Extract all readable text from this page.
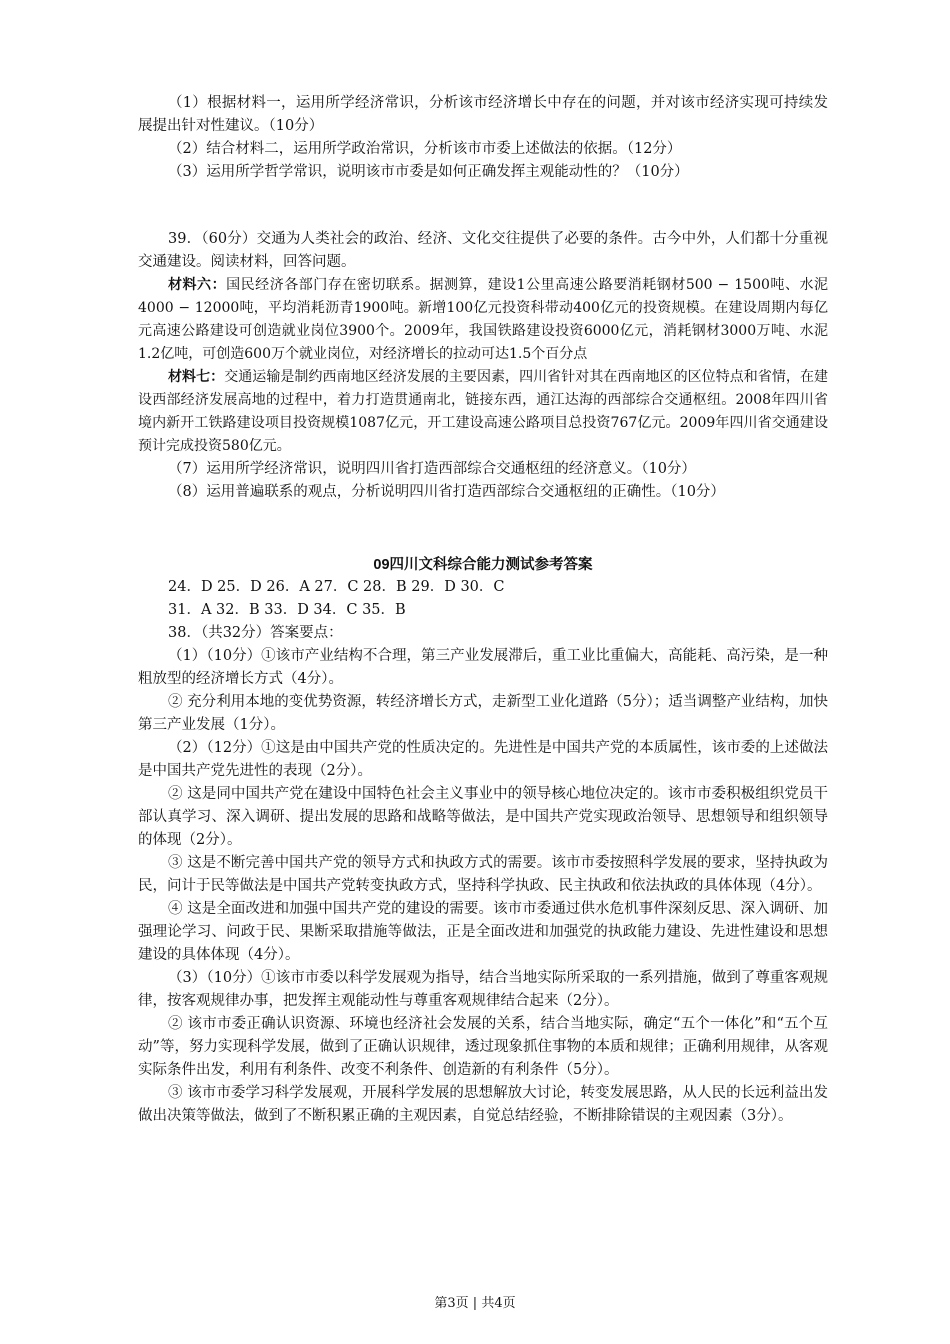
（1）根据材料一，运用所学经济常识，分析该市经济增长中存在的问题，并对该市经济实现可持续发展提出针对性建议。（10分）

（2）结合材料二，运用所学政治常识，分析该市市委上述做法的依据。（12分）

（3）运用所学哲学常识，说明该市市委是如何正确发挥主观能动性的？（10分）

39．（60分）交通为人类社会的政治、经济、文化交往提供了必要的条件。古今中外，人们都十分重视交通建设。阅读材料，回答问题。

材料六：国民经济各部门存在密切联系。据测算，建设1公里高速公路要消耗钢材500 − 1500吨、水泥4000 − 12000吨，平均消耗沥青1900吨。新增100亿元投资科带动400亿元的投资规模。在建设周期内每亿元高速公路建设可创造就业岗位3900个。2009年，我国铁路建设投资6000亿元，消耗钢材3000万吨、水泥1.2亿吨，可创造600万个就业岗位，对经济增长的拉动可达1.5个百分点

材料七：交通运输是制约西南地区经济发展的主要因素，四川省针对其在西南地区的区位特点和省情，在建设西部经济发展高地的过程中，着力打造贯通南北，链接东西，通江达海的西部综合交通枢纽。2008年四川省境内新开工铁路建设项目投资规模1087亿元，开工建设高速公路项目总投资767亿元。2009年四川省交通建设预计完成投资580亿元。

（7）运用所学经济常识，说明四川省打造西部综合交通枢纽的经济意义。（10分）

（8）运用普遍联系的观点，分析说明四川省打造西部综合交通枢纽的正确性。（10分）

09四川文科综合能力测试参考答案

24．D 25．D 26．A 27．C 28．B 29．D 30．C

31．A 32．B 33．D 34．C 35．B

38．（共32分）答案要点：

（1）（10分）①该市产业结构不合理，第三产业发展滞后，重工业比重偏大，高能耗、高污染，是一种粗放型的经济增长方式（4分）。

② 充分利用本地的变优势资源，转经济增长方式，走新型工业化道路（5分）；适当调整产业结构，加快第三产业发展（1分）。

（2）（12分）①这是由中国共产党的性质决定的。先进性是中国共产党的本质属性，该市委的上述做法是中国共产党先进性的表现（2分）。

② 这是同中国共产党在建设中国特色社会主义事业中的领导核心地位决定的。该市市委积极组织党员干部认真学习、深入调研、提出发展的思路和战略等做法，是中国共产党实现政治领导、思想领导和组织领导的体现（2分）。

③ 这是不断完善中国共产党的领导方式和执政方式的需要。该市市委按照科学发展的要求，坚持执政为民，问计于民等做法是中国共产党转变执政方式，坚持科学执政、民主执政和依法执政的具体体现（4分）。

④ 这是全面改进和加强中国共产党的建设的需要。该市市委通过供水危机事件深刻反思、深入调研、加强理论学习、问政于民、果断采取措施等做法，正是全面改进和加强党的执政能力建设、先进性建设和思想建设的具体体现（4分）。

（3）（10分）①该市市委以科学发展观为指导，结合当地实际所采取的一系列措施，做到了尊重客观规律，按客观规律办事，把发挥主观能动性与尊重客观规律结合起来（2分）。

② 该市市委正确认识资源、环境也经济社会发展的关系，结合当地实际，确定“五个一体化”和“五个互动”等，努力实现科学发展，做到了正确认识规律，透过现象抓住事物的本质和规律；正确利用规律，从客观实际条件出发，利用有利条件、改变不利条件、创造新的有利条件（5分）。

③ 该市市委学习科学发展观，开展科学发展的思想解放大讨论，转变发展思路，从人民的长远利益出发做出决策等做法，做到了不断积累正确的主观因素，自觉总结经验，不断排除错误的主观因素（3分）。

第3页 | 共4页
